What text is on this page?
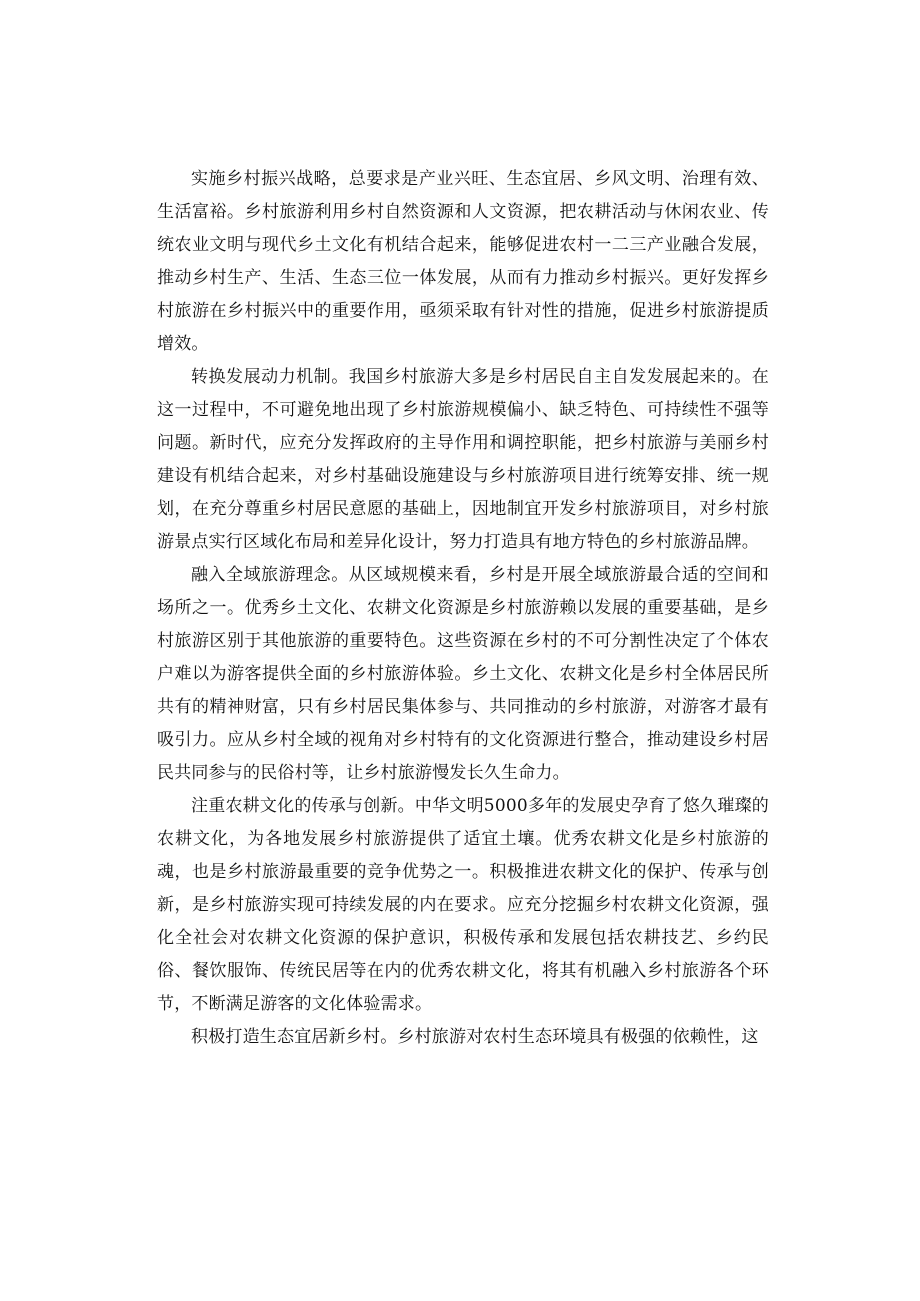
实施乡村振兴战略，总要求是产业兴旺、生态宜居、乡风文明、治理有效、生活富裕。乡村旅游利用乡村自然资源和人文资源，把农耕活动与休闲农业、传统农业文明与现代乡土文化有机结合起来，能够促进农村一二三产业融合发展，推动乡村生产、生活、生态三位一体发展，从而有力推动乡村振兴。更好发挥乡村旅游在乡村振兴中的重要作用，亟须采取有针对性的措施，促进乡村旅游提质增效。

转换发展动力机制。我国乡村旅游大多是乡村居民自主自发发展起来的。在这一过程中，不可避免地出现了乡村旅游规模偏小、缺乏特色、可持续性不强等问题。新时代，应充分发挥政府的主导作用和调控职能，把乡村旅游与美丽乡村建设有机结合起来，对乡村基础设施建设与乡村旅游项目进行统筹安排、统一规划，在充分尊重乡村居民意愿的基础上，因地制宜开发乡村旅游项目，对乡村旅游景点实行区域化布局和差异化设计，努力打造具有地方特色的乡村旅游品牌。

融入全域旅游理念。从区域规模来看，乡村是开展全域旅游最合适的空间和场所之一。优秀乡土文化、农耕文化资源是乡村旅游赖以发展的重要基础，是乡村旅游区别于其他旅游的重要特色。这些资源在乡村的不可分割性决定了个体农户难以为游客提供全面的乡村旅游体验。乡土文化、农耕文化是乡村全体居民所共有的精神财富，只有乡村居民集体参与、共同推动的乡村旅游，对游客才最有吸引力。应从乡村全域的视角对乡村特有的文化资源进行整合，推动建设乡村居民共同参与的民俗村等，让乡村旅游慢发长久生命力。

注重农耕文化的传承与创新。中华文明5000多年的发展史孕育了悠久璀璨的农耕文化，为各地发展乡村旅游提供了适宜土壤。优秀农耕文化是乡村旅游的魂，也是乡村旅游最重要的竞争优势之一。积极推进农耕文化的保护、传承与创新，是乡村旅游实现可持续发展的内在要求。应充分挖掘乡村农耕文化资源，强化全社会对农耕文化资源的保护意识，积极传承和发展包括农耕技艺、乡约民俗、餐饮服饰、传统民居等在内的优秀农耕文化，将其有机融入乡村旅游各个环节，不断满足游客的文化体验需求。

积极打造生态宜居新乡村。乡村旅游对农村生态环境具有极强的依赖性，这
